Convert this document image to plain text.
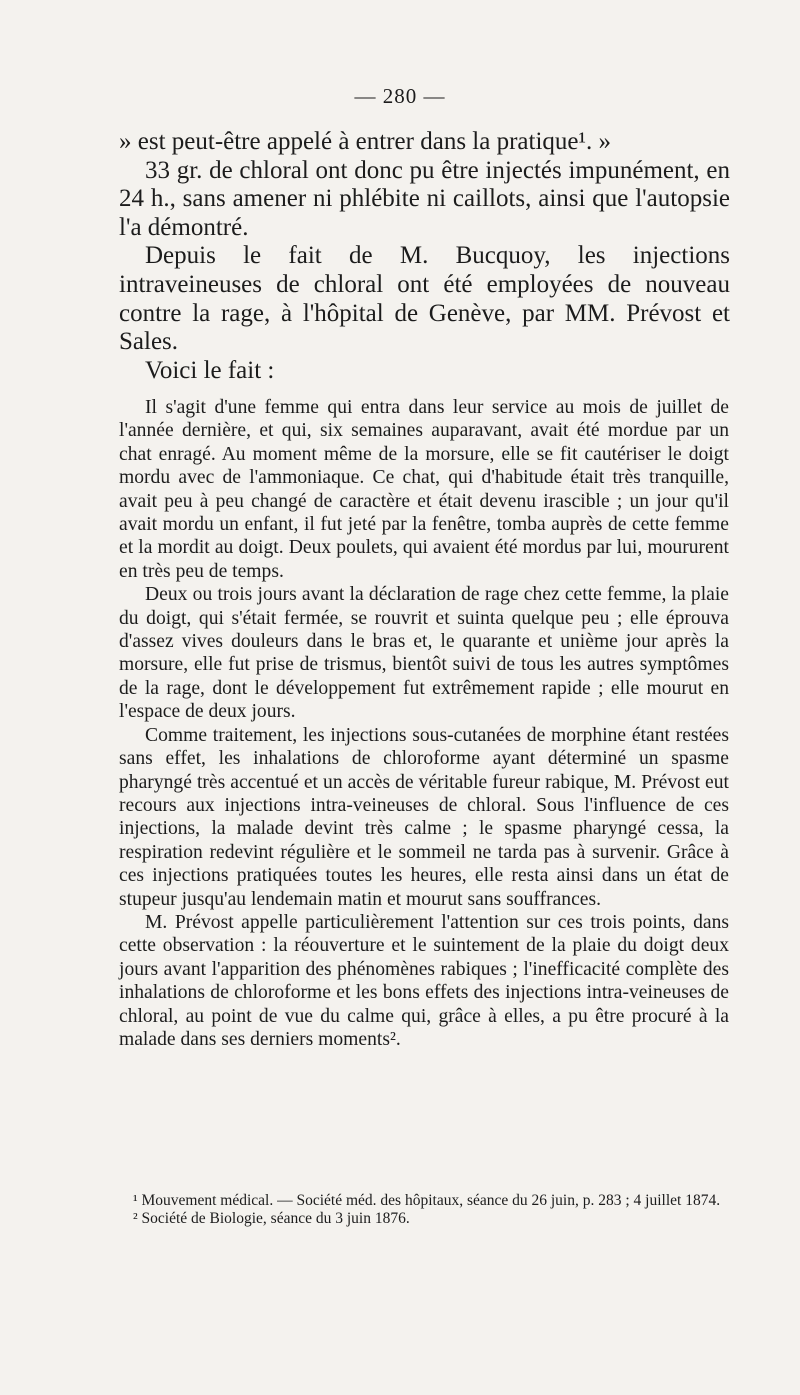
— 280 —

» est peut-être appelé à entrer dans la pratique¹. »

33 gr. de chloral ont donc pu être injectés impunément, en 24 h., sans amener ni phlébite ni caillots, ainsi que l'autopsie l'a démontré.

Depuis le fait de M. Bucquoy, les injections intraveineuses de chloral ont été employées de nouveau contre la rage, à l'hôpital de Genève, par MM. Prévost et Sales.

Voici le fait :

Il s'agit d'une femme qui entra dans leur service au mois de juillet de l'année dernière, et qui, six semaines auparavant, avait été mordue par un chat enragé. Au moment même de la morsure, elle se fit cautériser le doigt mordu avec de l'ammoniaque. Ce chat, qui d'habitude était très tranquille, avait peu à peu changé de caractère et était devenu irascible ; un jour qu'il avait mordu un enfant, il fut jeté par la fenêtre, tomba auprès de cette femme et la mordit au doigt. Deux poulets, qui avaient été mordus par lui, moururent en très peu de temps.

Deux ou trois jours avant la déclaration de rage chez cette femme, la plaie du doigt, qui s'était fermée, se rouvrit et suinta quelque peu ; elle éprouva d'assez vives douleurs dans le bras et, le quarante et unième jour après la morsure, elle fut prise de trismus, bientôt suivi de tous les autres symptômes de la rage, dont le développement fut extrêmement rapide ; elle mourut en l'espace de deux jours.

Comme traitement, les injections sous-cutanées de morphine étant restées sans effet, les inhalations de chloroforme ayant déterminé un spasme pharyngé très accentué et un accès de véritable fureur rabique, M. Prévost eut recours aux injections intra-veineuses de chloral. Sous l'influence de ces injections, la malade devint très calme ; le spasme pharyngé cessa, la respiration redevint régulière et le sommeil ne tarda pas à survenir. Grâce à ces injections pratiquées toutes les heures, elle resta ainsi dans un état de stupeur jusqu'au lendemain matin et mourut sans souffrances.

M. Prévost appelle particulièrement l'attention sur ces trois points, dans cette observation : la réouverture et le suintement de la plaie du doigt deux jours avant l'apparition des phénomènes rabiques ; l'inefficacité complète des inhalations de chloroforme et les bons effets des injections intra-veineuses de chloral, au point de vue du calme qui, grâce à elles, a pu être procuré à la malade dans ses derniers moments².

¹ Mouvement médical. — Société méd. des hôpitaux, séance du 26 juin, p. 283 ; 4 juillet 1874.

² Société de Biologie, séance du 3 juin 1876.
